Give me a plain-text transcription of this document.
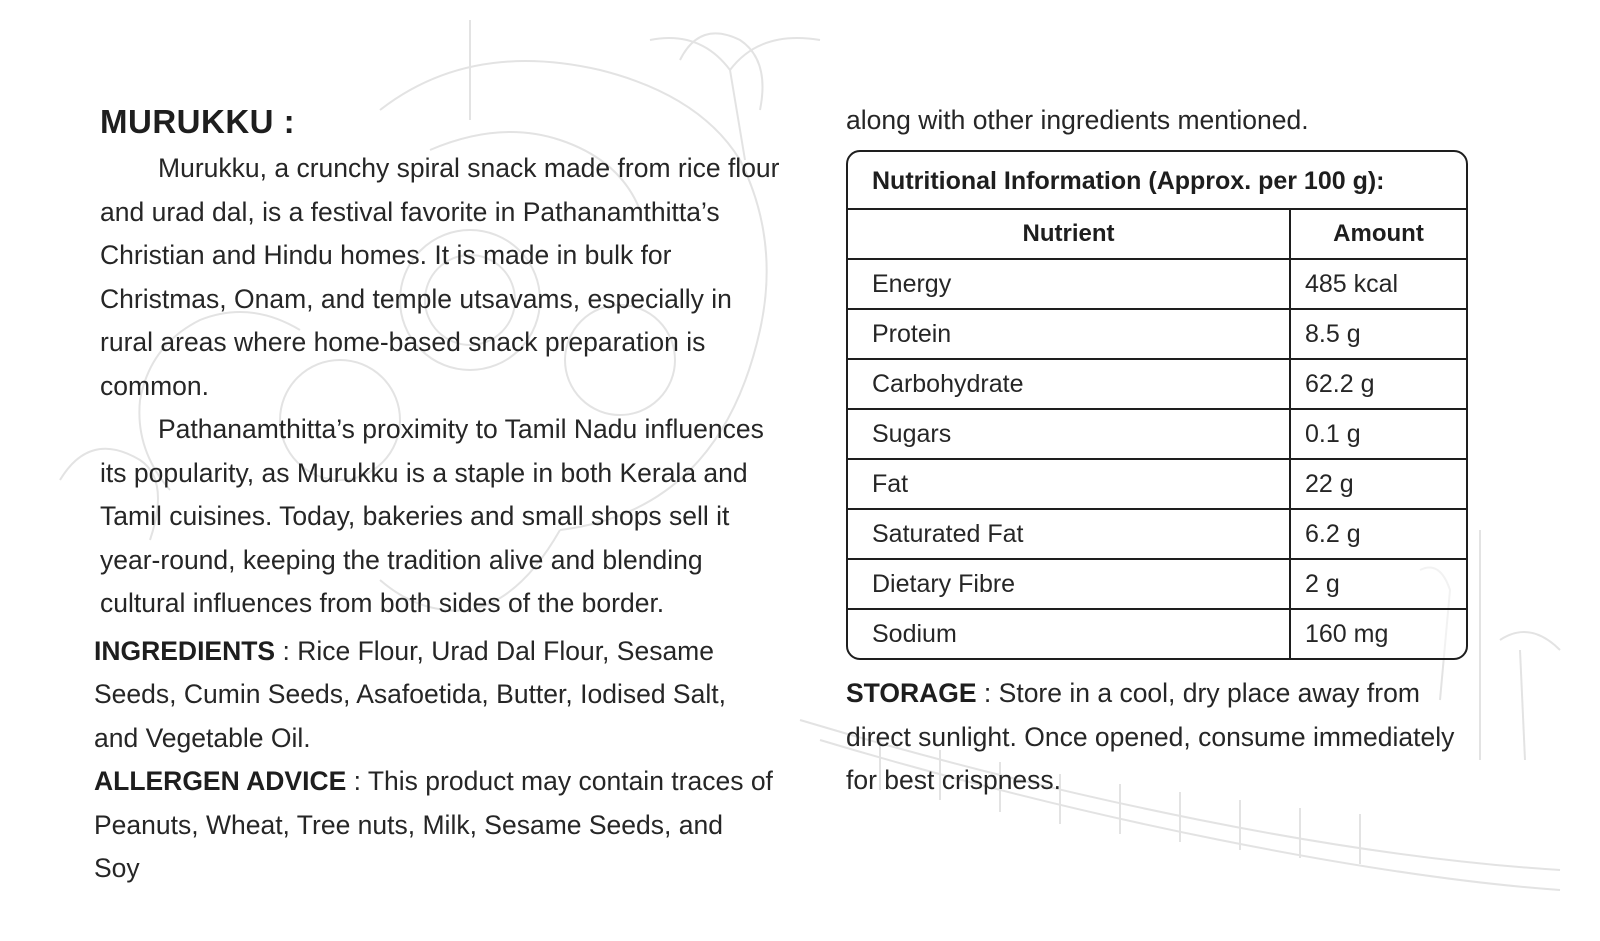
MURUKKU :

Murukku, a crunchy spiral snack made from rice flour and urad dal, is a festival favorite in Pathanamthitta’s Christian and Hindu homes. It is made in bulk for Christmas, Onam, and temple utsavams, especially in rural areas where home-based snack preparation is common.

Pathanamthitta’s proximity to Tamil Nadu influences its popularity, as Murukku is a staple in both Kerala and Tamil cuisines. Today, bakeries and small shops sell it year-round, keeping the tradition alive and blending cultural influences from both sides of the border.

INGREDIENTS : Rice Flour, Urad Dal Flour, Sesame Seeds, Cumin Seeds, Asafoetida, Butter, Iodised Salt, and Vegetable Oil.

ALLERGEN ADVICE : This product may contain traces of Peanuts, Wheat, Tree nuts, Milk, Sesame Seeds, and Soy

along with other ingredients mentioned.

Nutritional Information (Approx. per 100 g):
Nutrient	Amount
Energy	485 kcal
Protein	8.5 g
Carbohydrate	62.2 g
Sugars	0.1 g
Fat	22 g
Saturated Fat	6.2 g
Dietary Fibre	2 g
Sodium	160 mg

STORAGE : Store in a cool, dry place away from direct sunlight. Once opened, consume immediately for best crispness.
